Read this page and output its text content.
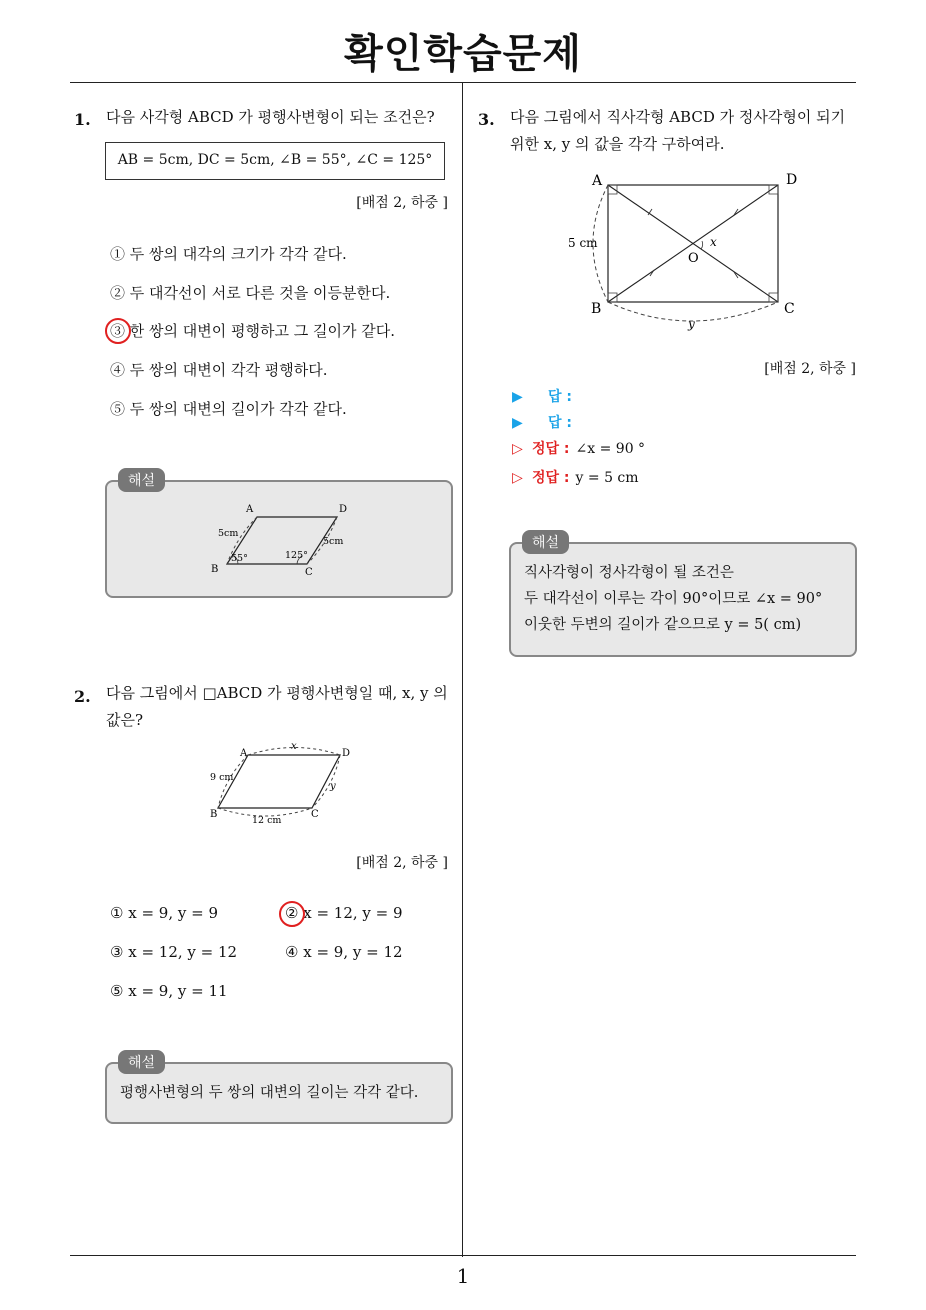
확인학습문제
1. 다음 사각형 ABCD 가 평행사변형이 되는 조건은?
AB = 5cm, DC = 5cm, ∠B = 55°, ∠C = 125°
[배점 2, 하중 ]
① 두 쌍의 대각의 크기가 각각 같다.
② 두 대각선이 서로 다른 것을 이등분한다.
③ 한 쌍의 대변이 평행하고 그 길이가 같다.
④ 두 쌍의 대변이 각각 평행하다.
⑤ 두 쌍의 대변의 길이가 각각 같다.
A	D
B	C
5cm
5cm
55°	125°
해설
2. 다음 그림에서 □ABCD 가 평행사변형일 때, x, y 의
값은?
A	D
B	C
x
y
9 cm
12 cm
[배점 2, 하중 ]
① x = 9, y = 9	② x = 12, y = 9
③ x = 12, y = 12	④ x = 9, y = 12
⑤ x = 9, y = 11
해설
평행사변형의 두 쌍의 대변의 길이는 각각 같다.
3. 다음 그림에서 직사각형 ABCD 가 정사각형이 되기
위한 x, y 의 값을 각각 구하여라.
A	D
B	C
O
x
y
5 cm
[배점 2, 하중 ]
▶ 답 :
▶ 답 :
▷ 정답 : ∠x = 90 °
▷ 정답 : y = 5 cm
해설
직사각형이 정사각형이 될 조건은
두 대각선이 이루는 각이 90°이므로 ∠x = 90°
이웃한 두변의 길이가 같으므로 y = 5( cm)
1
